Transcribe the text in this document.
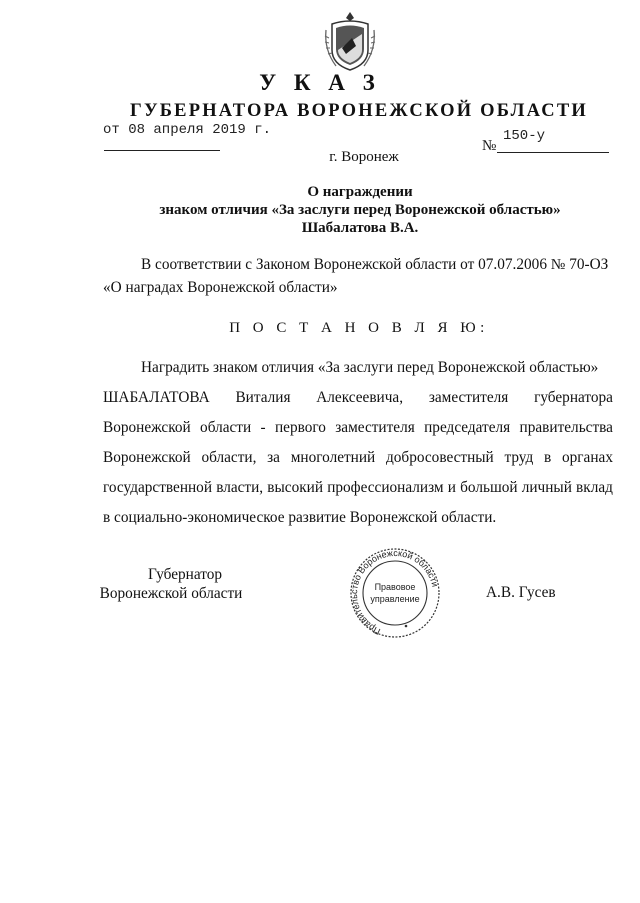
У К А З
ГУБЕРНАТОРА ВОРОНЕЖСКОЙ ОБЛАСТИ
от 08 апреля 2019 г.	150-у
№
г. Воронеж
О награждении
знаком отличия «За заслуги перед Воронежской областью»
Шабалатова В.А.
В соответствии с Законом Воронежской области от 07.07.2006 № 70-ОЗ
«О наградах Воронежской области»
П О С Т А Н О В Л Я Ю:
Наградить знаком отличия «За заслуги перед Воронежской областью»
ШАБАЛАТОВА Виталия Алексеевича, заместителя губернатора
Воронежской области - первого заместителя председателя правительства
Воронежской области, за многолетний добросовестный труд в органах
государственной власти, высокий профессионализм и большой личный вклад
в социально-экономическое развитие Воронежской области.
Губернатор
Воронежской области
Правительство Воронежской области
Правовое
управление	А.В. Гусев
